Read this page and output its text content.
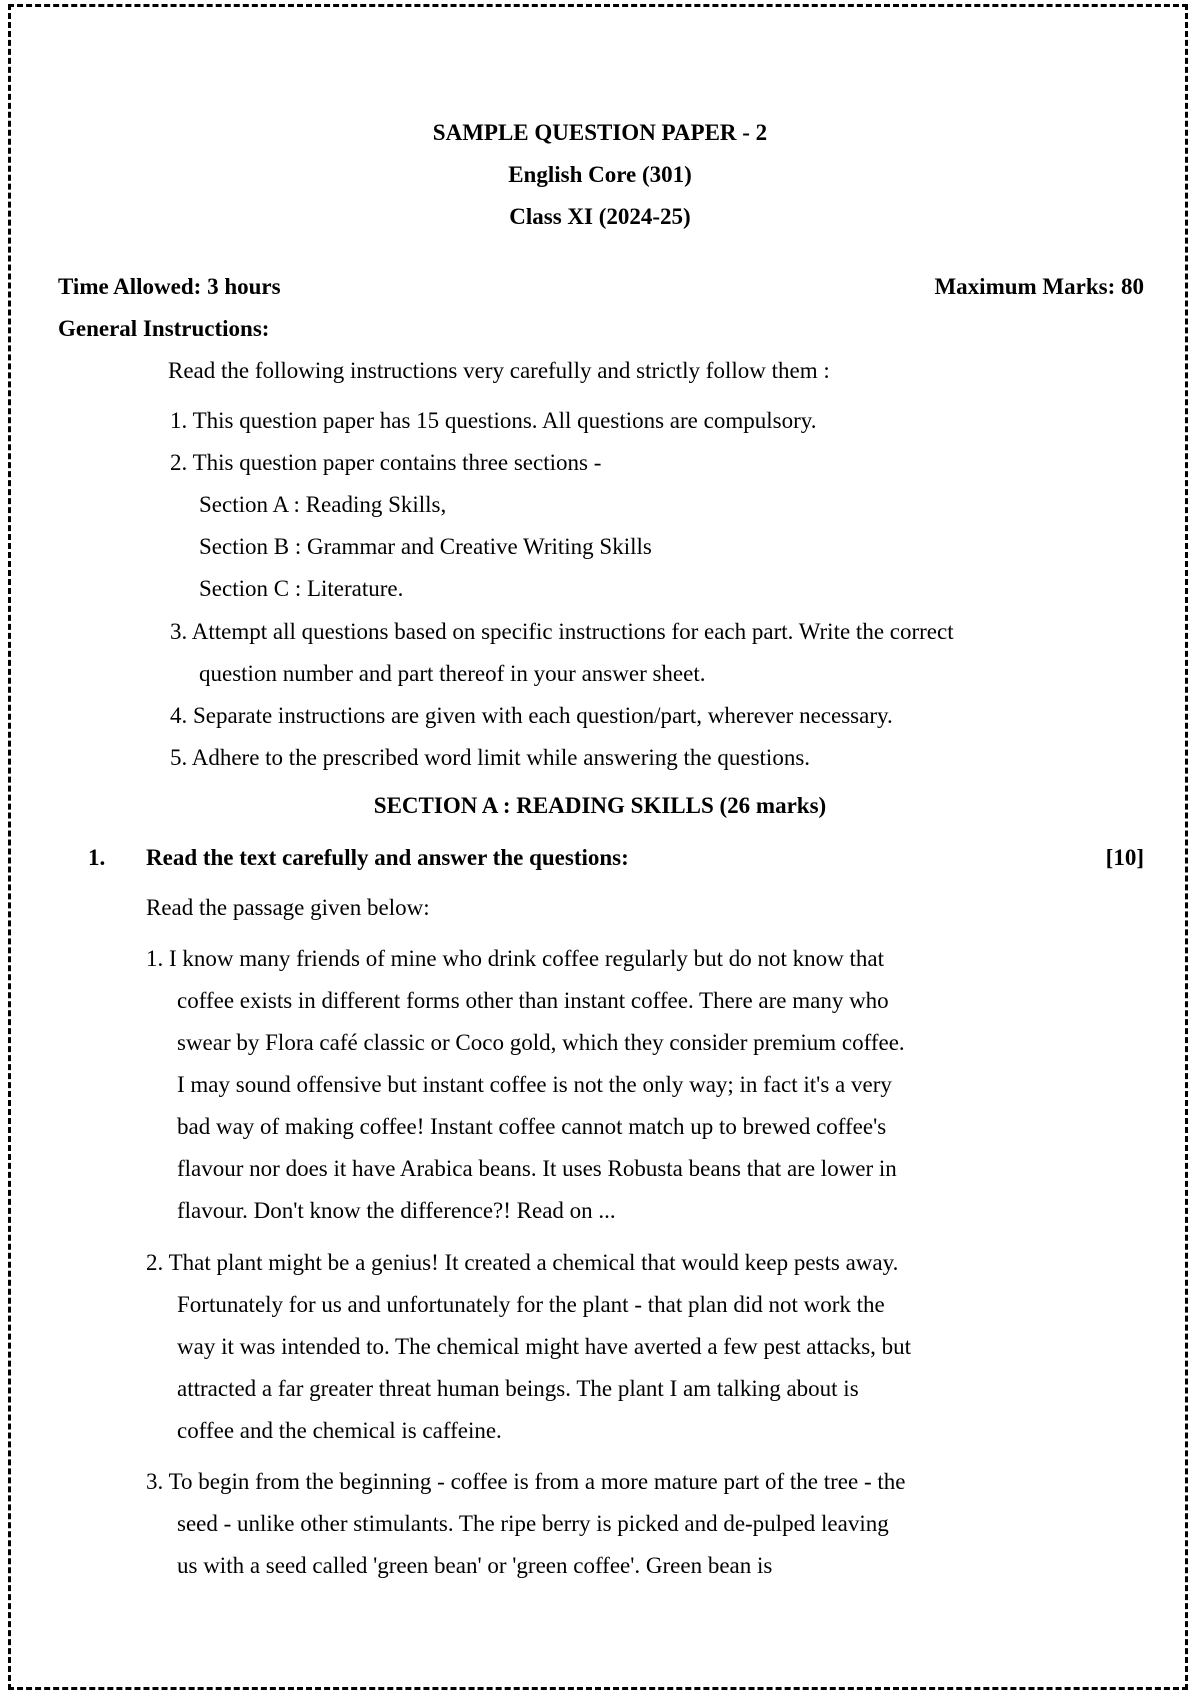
SAMPLE QUESTION PAPER - 2
English Core (301)
Class XI (2024-25)
Time Allowed: 3 hours	Maximum Marks: 80
General Instructions:
Read the following instructions very carefully and strictly follow them :
1. This question paper has 15 questions. All questions are compulsory.
2. This question paper contains three sections -
Section A : Reading Skills,
Section B : Grammar and Creative Writing Skills
Section C : Literature.
3. Attempt all questions based on specific instructions for each part. Write the correct
question number and part thereof in your answer sheet.
4. Separate instructions are given with each question/part, wherever necessary.
5. Adhere to the prescribed word limit while answering the questions.
SECTION A : READING SKILLS (26 marks)
1. Read the text carefully and answer the questions:	[10]
Read the passage given below:
1. I know many friends of mine who drink coffee regularly but do not know that
coffee exists in different forms other than instant coffee. There are many who
swear by Flora café classic or Coco gold, which they consider premium coffee.
I may sound offensive but instant coffee is not the only way; in fact it's a very
bad way of making coffee! Instant coffee cannot match up to brewed coffee's
flavour nor does it have Arabica beans. It uses Robusta beans that are lower in
flavour. Don't know the difference?! Read on ...
2. That plant might be a genius! It created a chemical that would keep pests away.
Fortunately for us and unfortunately for the plant - that plan did not work the
way it was intended to. The chemical might have averted a few pest attacks, but
attracted a far greater threat human beings. The plant I am talking about is
coffee and the chemical is caffeine.
3. To begin from the beginning - coffee is from a more mature part of the tree - the
seed - unlike other stimulants. The ripe berry is picked and de-pulped leaving
us with a seed called 'green bean' or 'green coffee'. Green bean is
